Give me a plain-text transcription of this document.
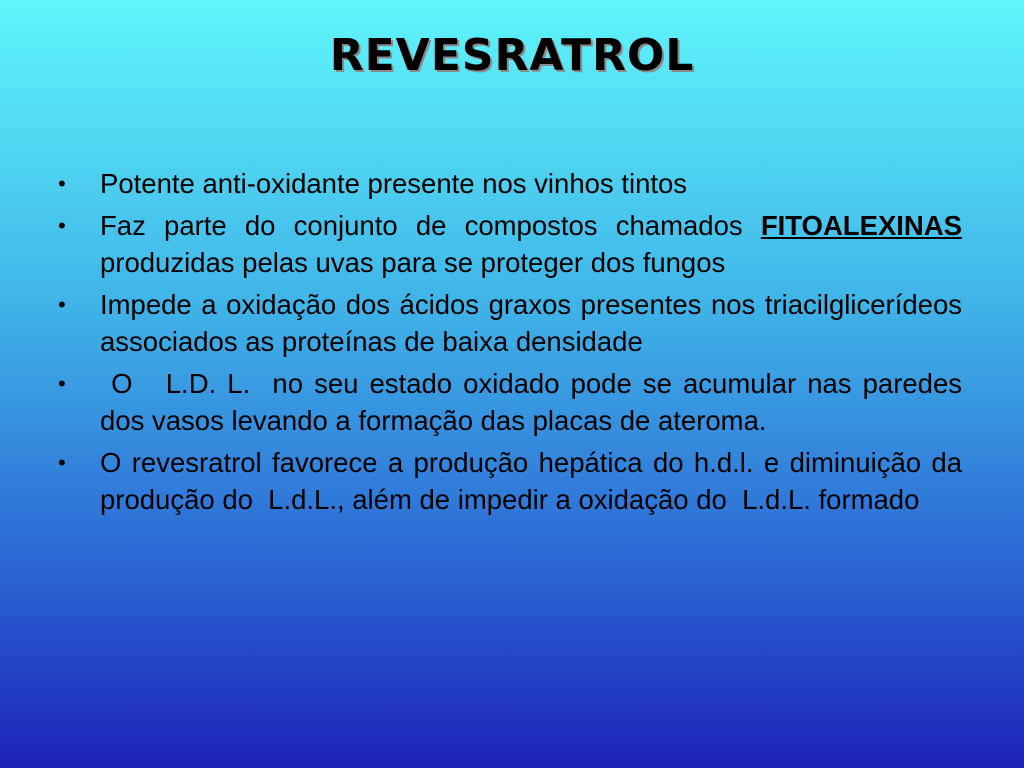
REVESRATROL
• Potente anti-oxidante presente nos vinhos tintos
• Faz parte do conjunto de compostos chamados FITOALEXINAS produzidas pelas uvas para se proteger dos fungos
• Impede a oxidação dos ácidos graxos presentes nos triacilglicerídeos associados as proteínas de baixa densidade
• O   L.D. L.  no seu estado oxidado pode se acumular nas paredes dos vasos levando a formação das placas de ateroma.
• O revesratrol favorece a produção hepática do h.d.l. e diminuição da produção do  L.d.L., além de impedir a oxidação do  L.d.L. formado
